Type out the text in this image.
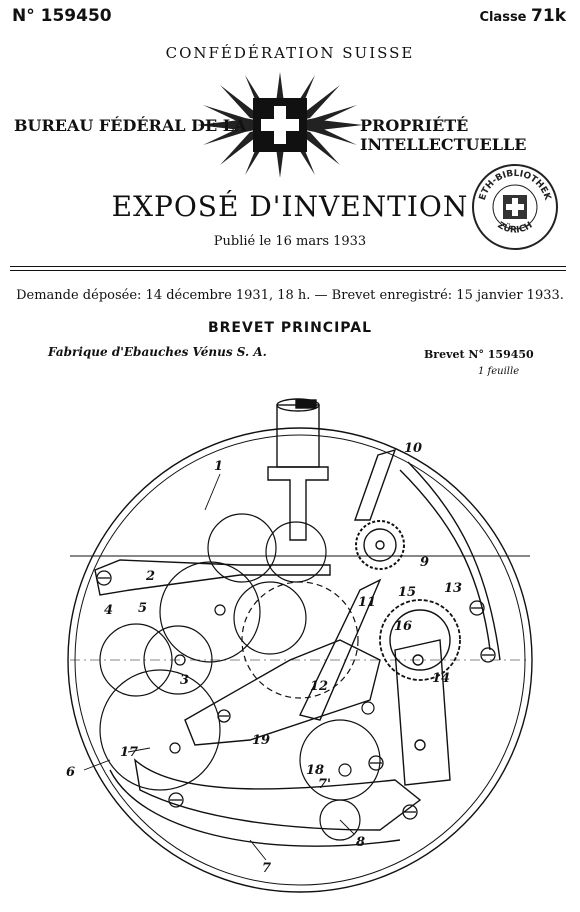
N° 159450	Classe 71k
CONFÉDÉRATION SUISSE
BUREAU FÉDÉRAL DE LA	PROPRIÉTÉ INTELLECTUELLE
EXPOSÉ D'INVENTION
Publié le 16 mars 1933
ETH-BIBLIOTHEK
ZÜRICH
Demande déposée: 14 décembre 1931, 18 h. — Brevet enregistré: 15 janvier 1933.
BREVET PRINCIPAL
Fabrique d'Ebauches Vénus S. A.	Brevet N° 159450
1 feuille
1
2
3
4 5
6
7
7'
8
9
10
11
12
13
14
15
16
17
18
19
